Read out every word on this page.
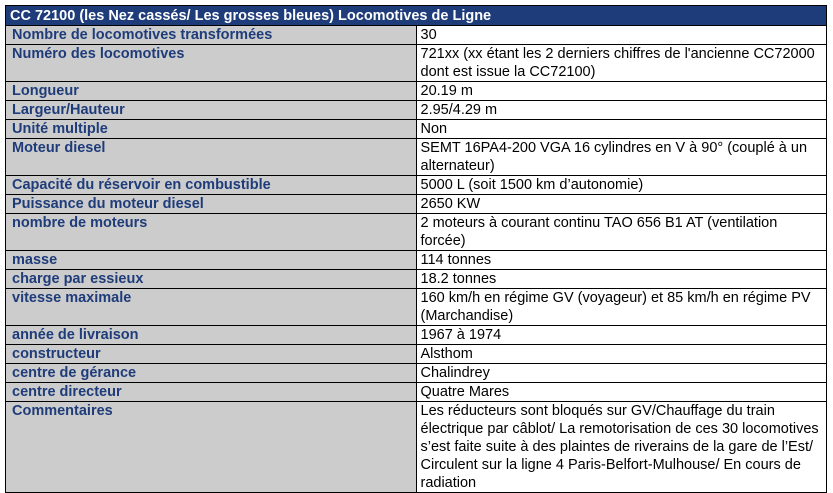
CC 72100 (les Nez cassés/ Les grosses bleues) Locomotives de Ligne	
Nombre de locomotives transformées	30
Numéro des locomotives	721xx (xx étant les 2 derniers chiffres de l'ancienne CC72000 dont est issue la CC72100)
Longueur	20.19 m
Largeur/Hauteur	2.95/4.29 m
Unité multiple	Non
Moteur diesel	SEMT 16PA4-200 VGA 16 cylindres en V à 90° (couplé à un alternateur)
Capacité du réservoir en combustible	5000 L (soit 1500 km d’autonomie)
Puissance du moteur diesel	2650 KW
nombre de moteurs	2 moteurs à courant continu TAO 656 B1 AT (ventilation forcée)
masse	114 tonnes
charge par essieux	18.2 tonnes
vitesse maximale	160 km/h en régime GV (voyageur) et 85 km/h en régime PV (Marchandise)
année de livraison	1967 à 1974
constructeur	Alsthom
centre de gérance	Chalindrey
centre directeur	Quatre Mares
Commentaires	Les réducteurs sont bloqués sur GV/Chauffage du train électrique par câblot/ La remotorisation de ces 30 locomotives s’est faite suite à des plaintes de riverains de la gare de l’Est/ Circulent sur la ligne 4 Paris-Belfort-Mulhouse/ En cours de radiation
